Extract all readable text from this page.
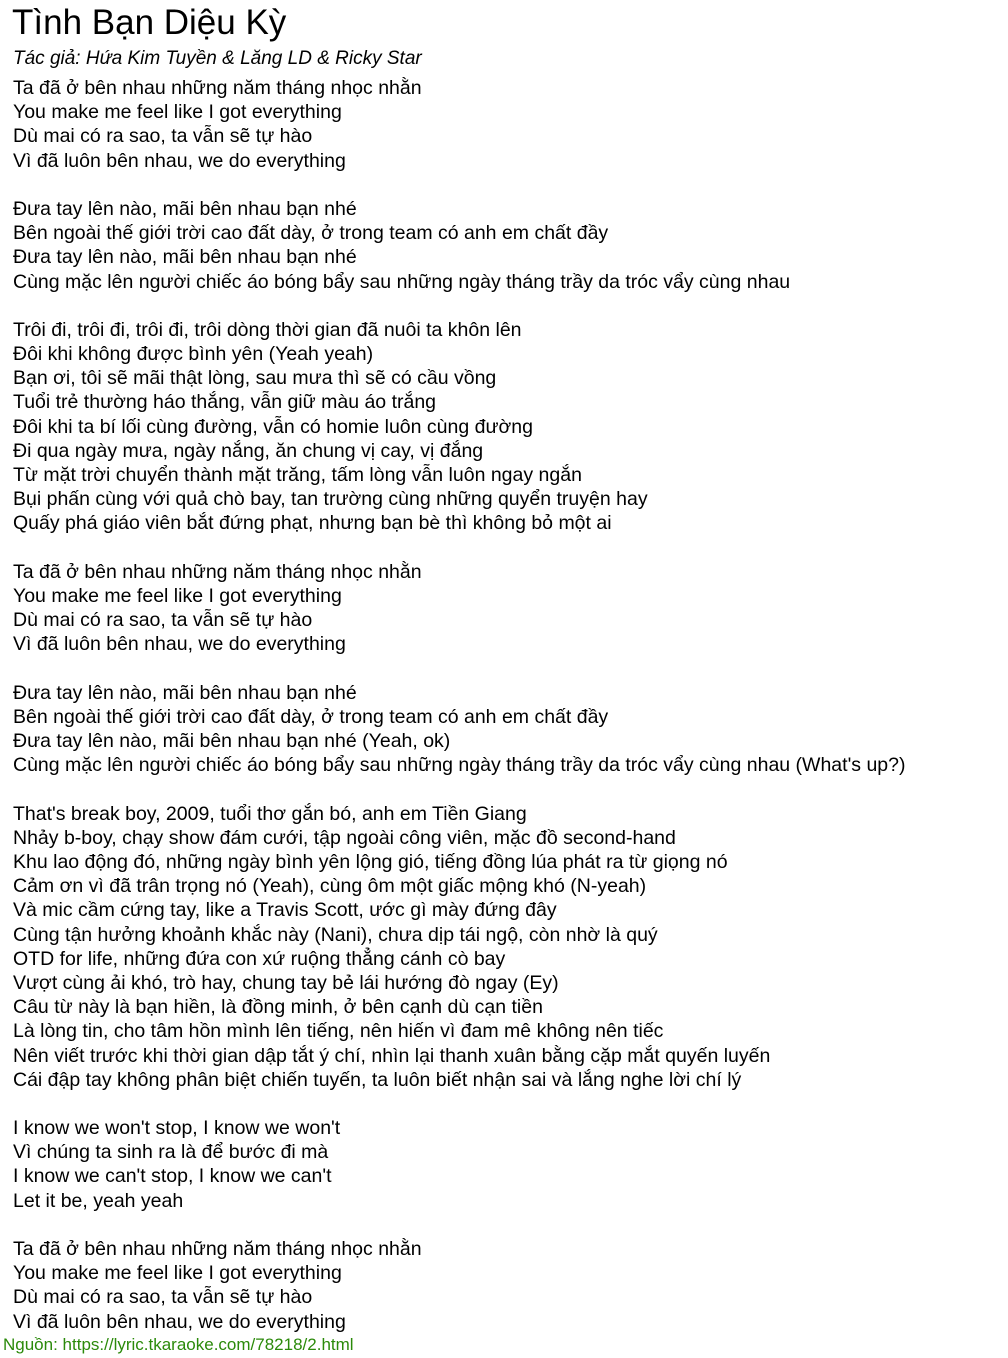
Tình Bạn Diệu Kỳ
Tác giả: Hứa Kim Tuyền & Lăng LD & Ricky Star
Ta đã ở bên nhau những năm tháng nhọc nhằn
You make me feel like I got everything
Dù mai có ra sao, ta vẫn sẽ tự hào
Vì đã luôn bên nhau, we do everything
Đưa tay lên nào, mãi bên nhau bạn nhé
Bên ngoài thế giới trời cao đất dày, ở trong team có anh em chất đầy
Đưa tay lên nào, mãi bên nhau bạn nhé
Cùng mặc lên người chiếc áo bóng bẩy sau những ngày tháng trầy da tróc vẩy cùng nhau
Trôi đi, trôi đi, trôi đi, trôi dòng thời gian đã nuôi ta khôn lên
Đôi khi không được bình yên (Yeah yeah)
Bạn ơi, tôi sẽ mãi thật lòng, sau mưa thì sẽ có cầu vồng
Tuổi trẻ thường háo thắng, vẫn giữ màu áo trắng
Đôi khi ta bí lối cùng đường, vẫn có homie luôn cùng đường
Đi qua ngày mưa, ngày nắng, ăn chung vị cay, vị đắng
Từ mặt trời chuyển thành mặt trăng, tấm lòng vẫn luôn ngay ngắn
Bụi phấn cùng với quả chò bay, tan trường cùng những quyển truyện hay
Quấy phá giáo viên bắt đứng phạt, nhưng bạn bè thì không bỏ một ai
Ta đã ở bên nhau những năm tháng nhọc nhằn
You make me feel like I got everything
Dù mai có ra sao, ta vẫn sẽ tự hào
Vì đã luôn bên nhau, we do everything
Đưa tay lên nào, mãi bên nhau bạn nhé
Bên ngoài thế giới trời cao đất dày, ở trong team có anh em chất đầy
Đưa tay lên nào, mãi bên nhau bạn nhé (Yeah, ok)
Cùng mặc lên người chiếc áo bóng bẩy sau những ngày tháng trầy da tróc vẩy cùng nhau (What's up?)
That's break boy, 2009, tuổi thơ gắn bó, anh em Tiền Giang
Nhảy b-boy, chạy show đám cưới, tập ngoài công viên, mặc đồ second-hand
Khu lao động đó, những ngày bình yên lộng gió, tiếng đồng lúa phát ra từ giọng nó
Cảm ơn vì đã trân trọng nó (Yeah), cùng ôm một giấc mộng khó (N-yeah)
Và mic cầm cứng tay, like a Travis Scott, ước gì mày đứng đây
Cùng tận hưởng khoảnh khắc này (Nani), chưa dịp tái ngộ, còn nhờ là quý
OTD for life, những đứa con xứ ruộng thẳng cánh cò bay
Vượt cùng ải khó, trò hay, chung tay bẻ lái hướng đò ngay (Ey)
Câu từ này là bạn hiền, là đồng minh, ở bên cạnh dù cạn tiền
Là lòng tin, cho tâm hồn mình lên tiếng, nên hiến vì đam mê không nên tiếc
Nên viết trước khi thời gian dập tắt ý chí, nhìn lại thanh xuân bằng cặp mắt quyến luyến
Cái đập tay không phân biệt chiến tuyến, ta luôn biết nhận sai và lắng nghe lời chí lý
I know we won't stop, I know we won't
Vì chúng ta sinh ra là để bước đi mà
I know we can't stop, I know we can't
Let it be, yeah yeah
Ta đã ở bên nhau những năm tháng nhọc nhằn
You make me feel like I got everything
Dù mai có ra sao, ta vẫn sẽ tự hào
Vì đã luôn bên nhau, we do everything
Nguồn: https://lyric.tkaraoke.com/78218/2.html
